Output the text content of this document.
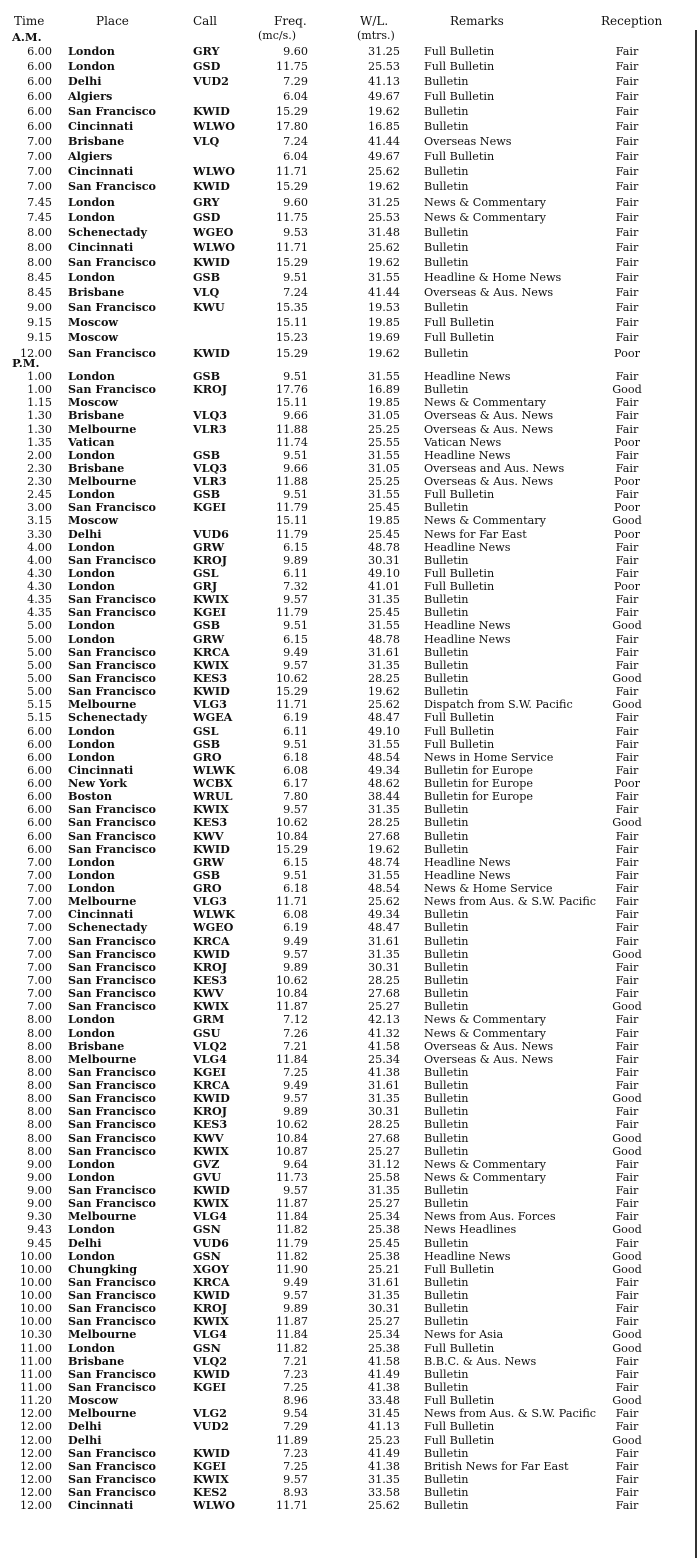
Time	Place	Call	Freq.	W/L.	Remarks	Reception
(mc/s.)	(mtrs.)
A.M.
6.00 London	GRY	9.60	31.25 Full Bulletin	Fair
6.00 London	GSD	11.75	25.53 Full Bulletin	Fair
6.00 Delhi	VUD2	7.29	41.13 Bulletin	Fair
6.00 Algiers	6.04	49.67 Full Bulletin	Fair
6.00 San Francisco	KWID	15.29	19.62 Bulletin	Fair
6.00 Cincinnati	WLWO	17.80	16.85 Bulletin	Fair
7.00 Brisbane	VLQ	7.24	41.44 Overseas News	Fair
7.00 Algiers	6.04	49.67 Full Bulletin	Fair
7.00 Cincinnati	WLWO	11.71	25.62 Bulletin	Fair
7.00 San Francisco	KWID	15.29	19.62 Bulletin	Fair
7.45 London	GRY	9.60	31.25 News & Commentary	Fair
7.45 London	GSD	11.75	25.53 News & Commentary	Fair
8.00 Schenectady	WGEO	9.53	31.48 Bulletin	Fair
8.00 Cincinnati	WLWO	11.71	25.62 Bulletin	Fair
8.00 San Francisco	KWID	15.29	19.62 Bulletin	Fair
8.45 London	GSB	9.51	31.55 Headline & Home News	Fair
8.45 Brisbane	VLQ	7.24	41.44 Overseas & Aus. News	Fair
9.00 San Francisco	KWU	15.35	19.53 Bulletin	Fair
9.15 Moscow	15.11	19.85 Full Bulletin	Fair
9.15 Moscow	15.23	19.69 Full Bulletin	Fair
12.00 San Francisco	KWID	15.29	19.62 Bulletin	Poor
P.M.
1.00 London	GSB	9.51	31.55 Headline News	Fair
1.00 San Francisco	KROJ	17.76	16.89 Bulletin	Good
1.15 Moscow	15.11	19.85 News & Commentary	Fair
1.30 Brisbane	VLQ3	9.66	31.05 Overseas & Aus. News	Fair
1.30 Melbourne	VLR3	11.88	25.25 Overseas & Aus. News	Fair
1.35 Vatican	11.74	25.55 Vatican News	Poor
2.00 London	GSB	9.51	31.55 Headline News	Fair
2.30 Brisbane	VLQ3	9.66	31.05 Overseas and Aus. News	Fair
2.30 Melbourne	VLR3	11.88	25.25 Overseas & Aus. News	Poor
2.45 London	GSB	9.51	31.55 Full Bulletin	Fair
3.00 San Francisco	KGEI	11.79	25.45 Bulletin	Poor
3.15 Moscow	15.11	19.85 News & Commentary	Good
3.30 Delhi	VUD6	11.79	25.45 News for Far East	Poor
4.00 London	GRW	6.15	48.78 Headline News	Fair
4.00 San Francisco	KROJ	9.89	30.31 Bulletin	Fair
4.30 London	GSL	6.11	49.10 Full Bulletin	Fair
4.30 London	GRJ	7.32	41.01 Full Bulletin	Poor
4.35 San Francisco	KWIX	9.57	31.35 Bulletin	Fair
4.35 San Francisco	KGEI	11.79	25.45 Bulletin	Fair
5.00 London	GSB	9.51	31.55 Headline News	Good
5.00 London	GRW	6.15	48.78 Headline News	Fair
5.00 San Francisco	KRCA	9.49	31.61 Bulletin	Fair
5.00 San Francisco	KWIX	9.57	31.35 Bulletin	Fair
5.00 San Francisco	KES3	10.62	28.25 Bulletin	Good
5.00 San Francisco	KWID	15.29	19.62 Bulletin	Fair
5.15 Melbourne	VLG3	11.71	25.62 Dispatch from S.W. Pacific	Good
5.15 Schenectady	WGEA	6.19	48.47 Full Bulletin	Fair
6.00 London	GSL	6.11	49.10 Full Bulletin	Fair
6.00 London	GSB	9.51	31.55 Full Bulletin	Fair
6.00 London	GRO	6.18	48.54 News in Home Service	Fair
6.00 Cincinnati	WLWK	6.08	49.34 Bulletin for Europe	Fair
6.00 New York	WCBX	6.17	48.62 Bulletin for Europe	Poor
6.00 Boston	WRUL	7.80	38.44 Bulletin for Europe	Fair
6.00 San Francisco	KWIX	9.57	31.35 Bulletin	Fair
6.00 San Francisco	KES3	10.62	28.25 Bulletin	Good
6.00 San Francisco	KWV	10.84	27.68 Bulletin	Fair
6.00 San Francisco	KWID	15.29	19.62 Bulletin	Fair
7.00 London	GRW	6.15	48.74 Headline News	Fair
7.00 London	GSB	9.51	31.55 Headline News	Fair
7.00 London	GRO	6.18	48.54 News & Home Service	Fair
7.00 Melbourne	VLG3	11.71	25.62 News from Aus. & S.W. Pacific	Fair
7.00 Cincinnati	WLWK	6.08	49.34 Bulletin	Fair
7.00 Schenectady	WGEO	6.19	48.47 Bulletin	Fair
7.00 San Francisco	KRCA	9.49	31.61 Bulletin	Fair
7.00 San Francisco	KWID	9.57	31.35 Bulletin	Good
7.00 San Francisco	KROJ	9.89	30.31 Bulletin	Fair
7.00 San Francisco	KES3	10.62	28.25 Bulletin	Fair
7.00 San Francisco	KWV	10.84	27.68 Bulletin	Fair
7.00 San Francisco	KWIX	11.87	25.27 Bulletin	Good
8.00 London	GRM	7.12	42.13 News & Commentary	Fair
8.00 London	GSU	7.26	41.32 News & Commentary	Fair
8.00 Brisbane	VLQ2	7.21	41.58 Overseas & Aus. News	Fair
8.00 Melbourne	VLG4	11.84	25.34 Overseas & Aus. News	Fair
8.00 San Francisco	KGEI	7.25	41.38 Bulletin	Fair
8.00 San Francisco	KRCA	9.49	31.61 Bulletin	Fair
8.00 San Francisco	KWID	9.57	31.35 Bulletin	Good
8.00 San Francisco	KROJ	9.89	30.31 Bulletin	Fair
8.00 San Francisco	KES3	10.62	28.25 Bulletin	Fair
8.00 San Francisco	KWV	10.84	27.68 Bulletin	Good
8.00 San Francisco	KWIX	10.87	25.27 Bulletin	Good
9.00 London	GVZ	9.64	31.12 News & Commentary	Fair
9.00 London	GVU	11.73	25.58 News & Commentary	Fair
9.00 San Francisco	KWID	9.57	31.35 Bulletin	Fair
9.00 San Francisco	KWIX	11.87	25.27 Bulletin	Fair
9.30 Melbourne	VLG4	11.84	25.34 News from Aus. Forces	Fair
9.43 London	GSN	11.82	25.38 News Headlines	Good
9.45 Delhi	VUD6	11.79	25.45 Bulletin	Fair
10.00 London	GSN	11.82	25.38 Headline News	Good
10.00 Chungking	XGOY	11.90	25.21 Full Bulletin	Good
10.00 San Francisco	KRCA	9.49	31.61 Bulletin	Fair
10.00 San Francisco	KWID	9.57	31.35 Bulletin	Fair
10.00 San Francisco	KROJ	9.89	30.31 Bulletin	Fair
10.00 San Francisco	KWIX	11.87	25.27 Bulletin	Fair
10.30 Melbourne	VLG4	11.84	25.34 News for Asia	Good
11.00 London	GSN	11.82	25.38 Full Bulletin	Good
11.00 Brisbane	VLQ2	7.21	41.58 B.B.C. & Aus. News	Fair
11.00 San Francisco	KWID	7.23	41.49 Bulletin	Fair
11.00 San Francisco	KGEI	7.25	41.38 Bulletin	Fair
11.20 Moscow	8.96	33.48 Full Bulletin	Good
12.00 Melbourne	VLG2	9.54	31.45 News from Aus. & S.W. Pacific	Fair
12.00 Delhi	VUD2	7.29	41.13 Full Bulletin	Fair
12.00 Delhi	11.89	25.23 Full Bulletin	Good
12.00 San Francisco	KWID	7.23	41.49 Bulletin	Fair
12.00 San Francisco	KGEI	7.25	41.38 British News for Far East	Fair
12.00 San Francisco	KWIX	9.57	31.35 Bulletin	Fair
12.00 San Francisco	KES2	8.93	33.58 Bulletin	Fair
12.00 Cincinnati	WLWO	11.71	25.62 Bulletin	Fair
